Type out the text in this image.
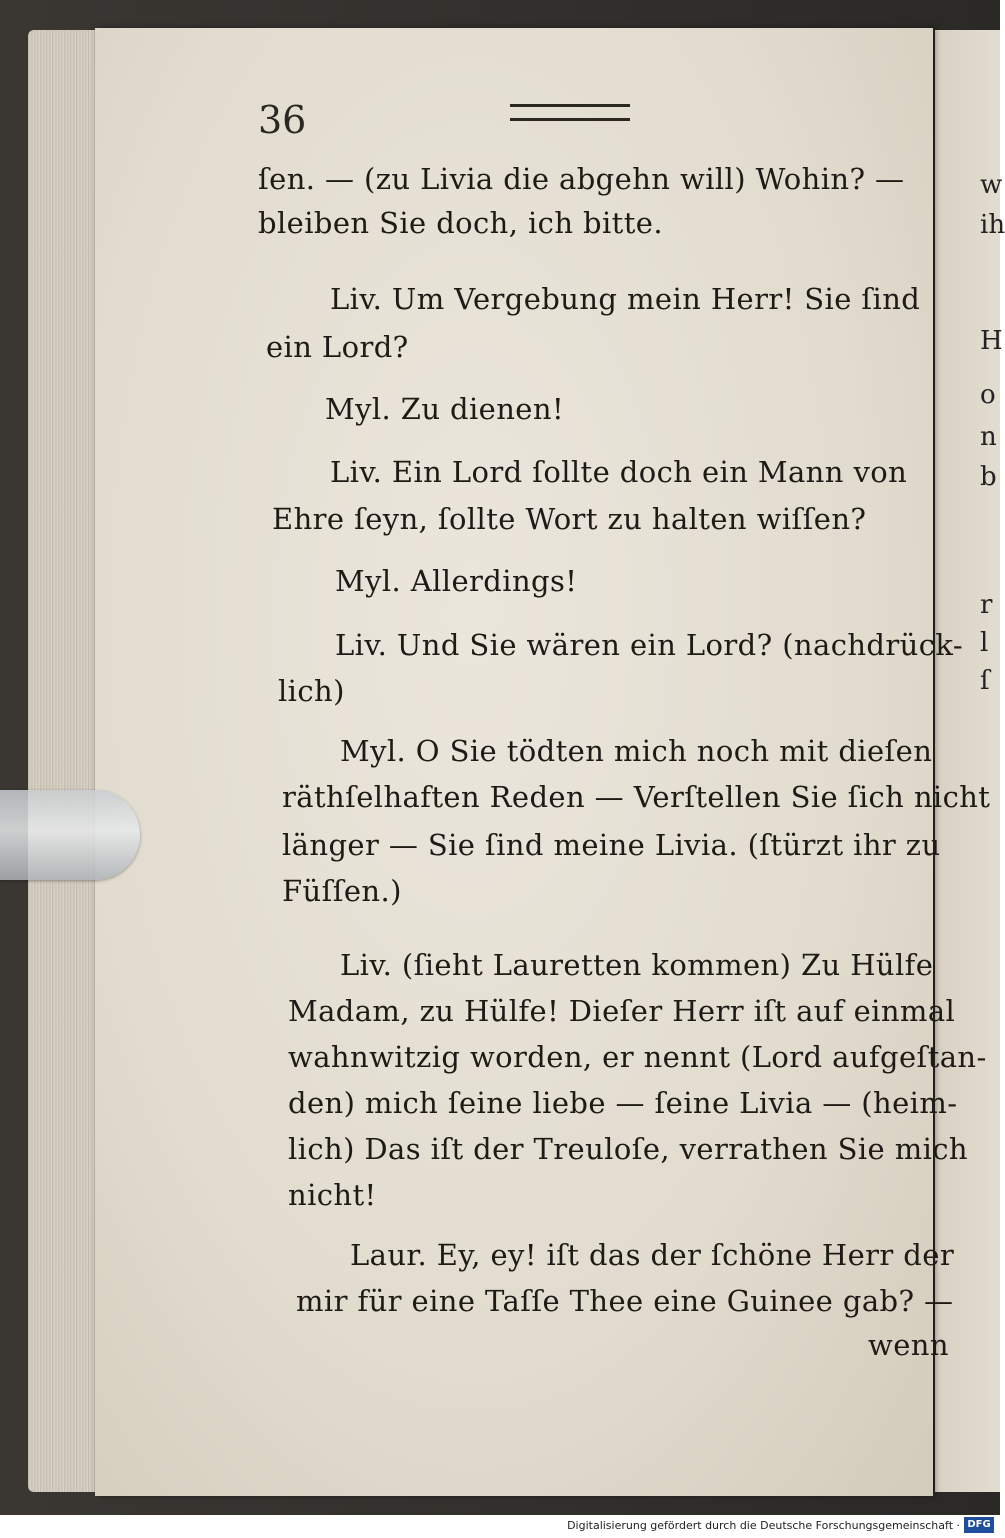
w
ih
H
o
n
b
r
l
ſ
36
ſen. — (zu Livia die abgehn will) Wohin? —
bleiben Sie doch, ich bitte.
Liv. Um Vergebung mein Herr! Sie ſind
ein Lord?
Myl. Zu dienen!
Liv. Ein Lord ſollte doch ein Mann von
Ehre ſeyn, ſollte Wort zu halten wiſſen?
Myl. Allerdings!
Liv. Und Sie wären ein Lord? (nachdrück-
lich)
Myl. O Sie tödten mich noch mit dieſen
räthſelhaften Reden — Verſtellen Sie ſich nicht
länger — Sie ſind meine Livia. (ſtürzt ihr zu
Füſſen.)
Liv. (ſieht Lauretten kommen) Zu Hülfe
Madam, zu Hülfe! Dieſer Herr iſt auf einmal
wahnwitzig worden, er nennt (Lord aufgeſtan-
den) mich ſeine liebe — ſeine Livia — (heim-
lich) Das iſt der Treuloſe, verrathen Sie mich
nicht!
Laur. Ey, ey! iſt das der ſchöne Herr der
mir für eine Taſſe Thee eine Guinee gab? —
wenn
Digitalisierung gefördert durch die Deutsche Forschungsgemeinschaft · DFG
